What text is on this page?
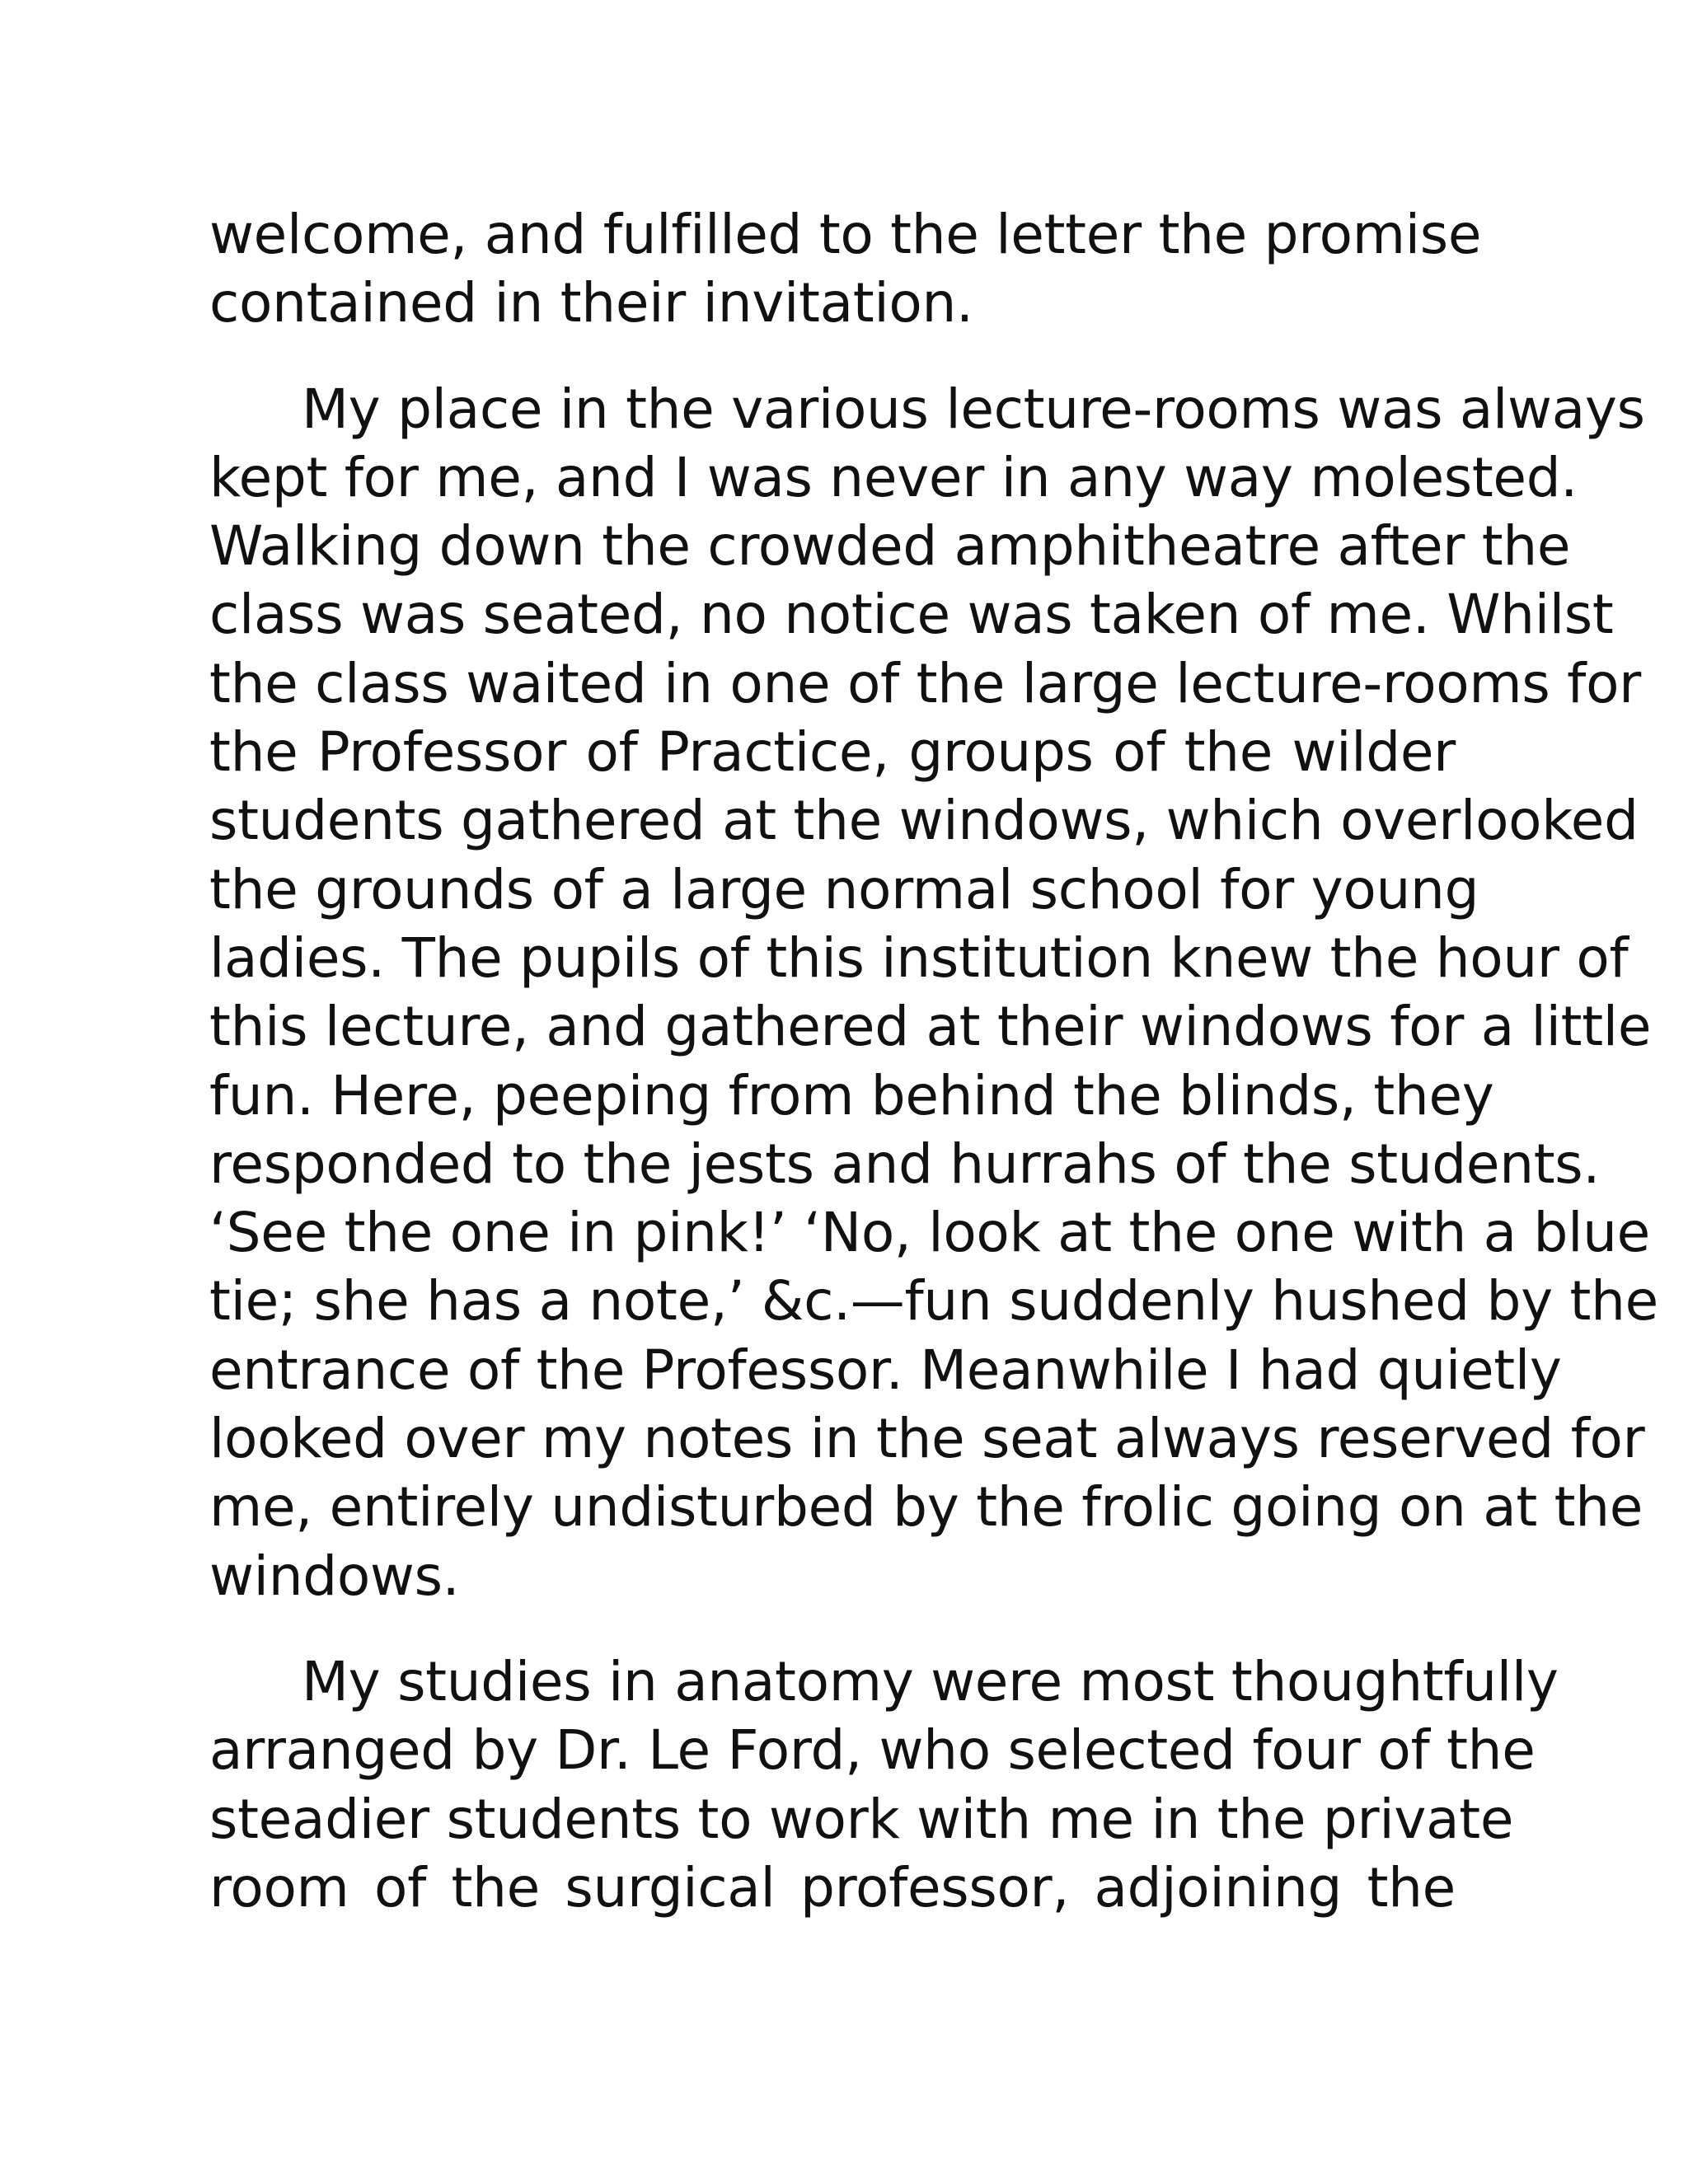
welcome, and fulfilled to the letter the promise
contained in their invitation.
My place in the various lecture-rooms was always
kept for me, and I was never in any way molested.
Walking down the crowded amphitheatre after the
class was seated, no notice was taken of me. Whilst
the class waited in one of the large lecture-rooms for
the Professor of Practice, groups of the wilder
students gathered at the windows, which overlooked
the grounds of a large normal school for young
ladies. The pupils of this institution knew the hour of
this lecture, and gathered at their windows for a little
fun. Here, peeping from behind the blinds, they
responded to the jests and hurrahs of the students.
‘See the one in pink!’ ‘No, look at the one with a blue
tie; she has a note,’ &c.—fun suddenly hushed by the
entrance of the Professor. Meanwhile I had quietly
looked over my notes in the seat always reserved for
me, entirely undisturbed by the frolic going on at the
windows.
My studies in anatomy were most thoughtfully
arranged by Dr. Le Ford, who selected four of the
steadier students to work with me in the private
room of the surgical professor, adjoining the
